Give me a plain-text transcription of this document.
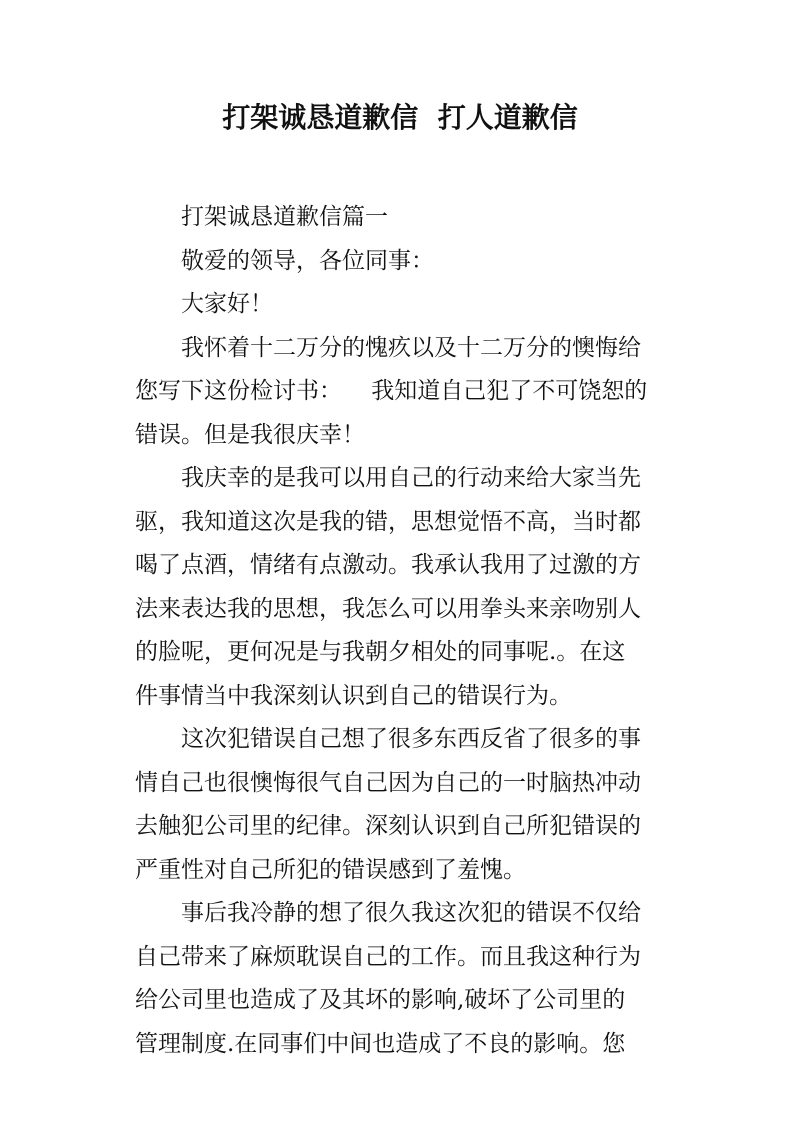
打架诚恳道歉信  打人道歉信
打架诚恳道歉信篇一
敬爱的领导，各位同事：
大家好！
我怀着十二万分的愧疚以及十二万分的懊悔给
您写下这份检讨书：    我知道自己犯了不可饶恕的
错误。但是我很庆幸！
我庆幸的是我可以用自己的行动来给大家当先
驱，我知道这次是我的错，思想觉悟不高，当时都
喝了点酒，情绪有点激动。我承认我用了过激的方
法来表达我的思想，我怎么可以用拳头来亲吻别人
的脸呢，更何况是与我朝夕相处的同事呢.。在这
件事情当中我深刻认识到自己的错误行为。
这次犯错误自己想了很多东西反省了很多的事
情自己也很懊悔很气自己因为自己的一时脑热冲动
去触犯公司里的纪律。深刻认识到自己所犯错误的
严重性对自己所犯的错误感到了羞愧。
事后我冷静的想了很久我这次犯的错误不仅给
自己带来了麻烦耽误自己的工作。而且我这种行为
给公司里也造成了及其坏的影响,破坏了公司里的
管理制度.在同事们中间也造成了不良的影响。您
